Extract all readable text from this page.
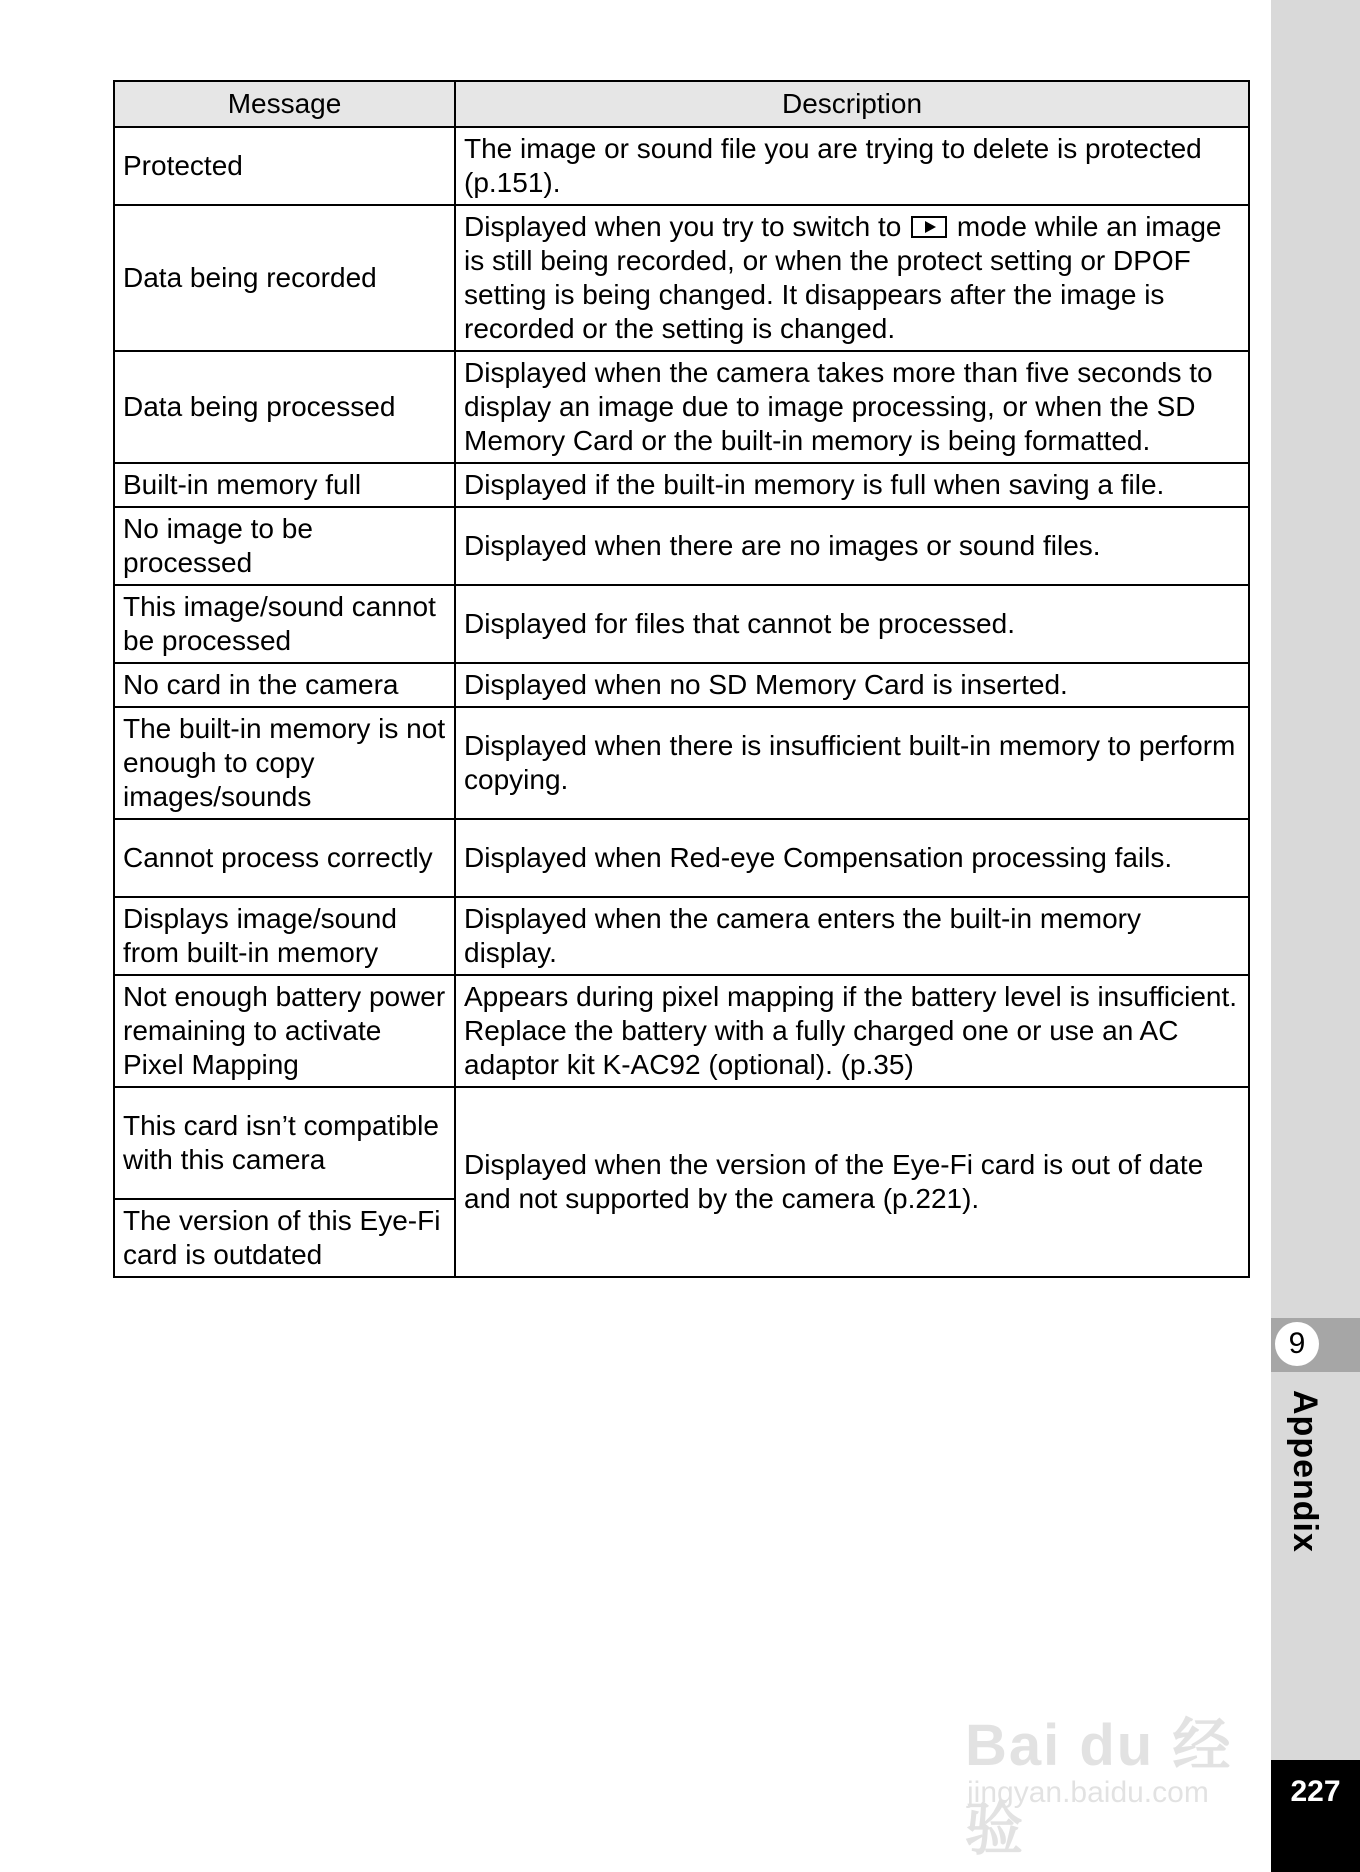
Message	Description
Protected	The image or sound file you are trying to delete is protected (p.151).
Data being recorded	Displayed when you try to switch to mode while an image is still being recorded, or when the protect setting or DPOF setting is being changed. It disappears after the image is recorded or the setting is changed.
Data being processed	Displayed when the camera takes more than five seconds to display an image due to image processing, or when the SD Memory Card or the built-in memory is being formatted.
Built-in memory full	Displayed if the built-in memory is full when saving a file.
No image to be processed	Displayed when there are no images or sound files.
This image/sound cannot be processed	Displayed for files that cannot be processed.
No card in the camera	Displayed when no SD Memory Card is inserted.
The built-in memory is not enough to copy images/sounds	Displayed when there is insufficient built-in memory to perform copying.
Cannot process correctly	Displayed when Red-eye Compensation processing fails.
Displays image/sound from built-in memory	Displayed when the camera enters the built-in memory display.
Not enough battery power remaining to activate Pixel Mapping	Appears during pixel mapping if the battery level is insufficient. Replace the battery with a fully charged one or use an AC adaptor kit K-AC92 (optional). (p.35)
This card isn’t compatible with this camera	Displayed when the version of the Eye-Fi card is out of date and not supported by the camera (p.221).
The version of this Eye-Fi card is outdated	
9
Appendix
Bai du 经验
jingyan.baidu.com	227
